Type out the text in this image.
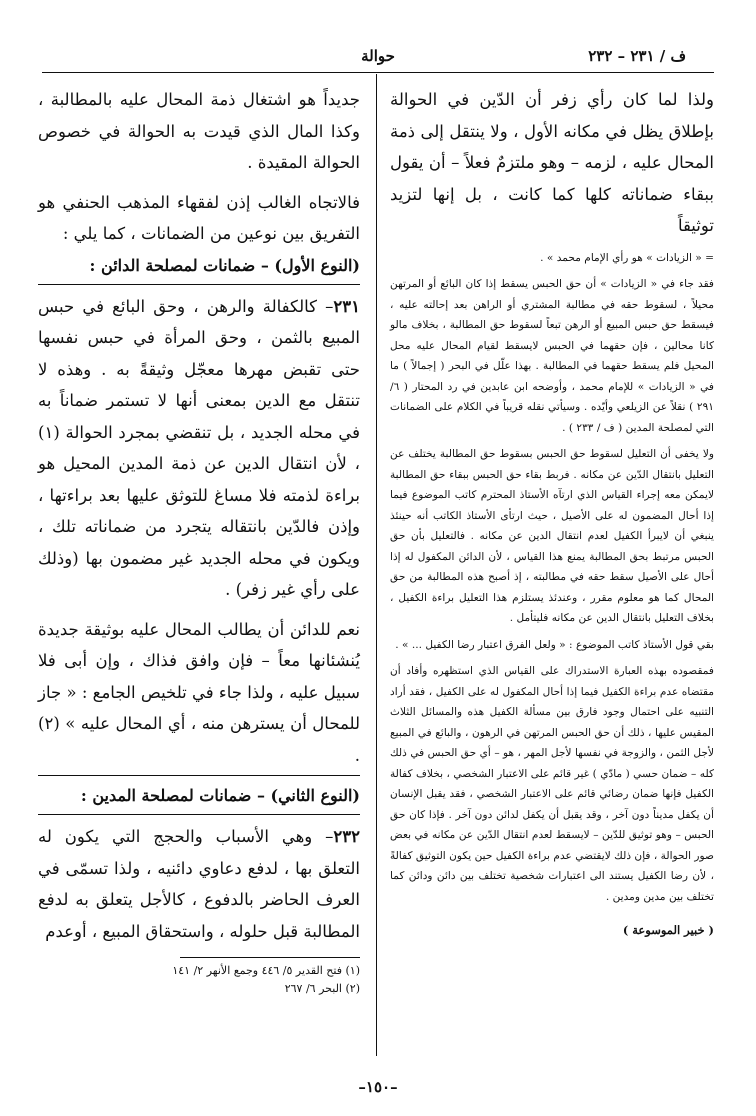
ف / ٢٣١ – ٢٣٢
حوالة

ولذا لما كان رأي زفر أن الدّين في الحوالة بإطلاق يظل في مكانه الأول ، ولا ينتقل إلى ذمة المحال عليه ، لزمه – وهو ملتزمٌ فعلاً – أن يقول ببقاء ضماناته كلها كما كانت ، بل إنها لتزيد توثيقاً

= « الزيادات » هو رأي الإمام محمد » .

فقد جاء في « الزيادات » أن حق الحبس يسقط إذا كان البائع أو المرتهن محيلاً ، لسقوط حقه في مطالبة المشتري أو الراهن بعد إحالته عليه ، فيسقط حق حبس المبيع أو الرهن تبعاً لسقوط حق المطالبة ، بخلاف مالو كانا محالين ، فإن حقهما في الحبس لايسقط لقيام المحال عليه محل المحيل فلم يسقط حقهما في المطالبة . بهذا علّل في البحر ( إجمالاً ) ما في « الزيادات » للإمام محمد ، وأوضحه ابن عابدين في رد المحتار ( ٦/ ٢٩١ ) نقلاً عن الزيلعي وأيّده . وسيأتي نقله قريباً في الكلام على الضمانات التي لمصلحة المدين ( ف / ٢٣٣ ) .

ولا يخفى أن التعليل لسقوط حق الحبس بسقوط حق المطالبة يختلف عن التعليل بانتقال الدّين عن مكانه . فربط بقاء حق الحبس ببقاء حق المطالبة لايمكن معه إجراء القياس الذي ارتآه الأستاذ المحترم كاتب الموضوع فيما إذا أحال المضمون له على الأصيل ، حيث ارتأى الأستاذ الكاتب أنه حينئذ ينبغي أن لايبرأ الكفيل لعدم انتقال الدين عن مكانه . فالتعليل بأن حق الحبس مرتبط بحق المطالبة يمنع هذا القياس ، لأن الدائن المكفول له إذا أحال على الأصيل سقط حقه في مطالبته ، إذ أصبح هذه المطالبة من حق المحال كما هو معلوم مقرر ، وعندئذ يستلزم هذا التعليل براءة الكفيل ، بخلاف التعليل بانتقال الدين عن مكانه فليتأمل .

بقي قول الأستاذ كاتب الموضوع : « ولعل الفرق اعتبار رضا الكفيل ... » .

فمقصوده بهذه العبارة الاستدراك على القياس الذي استظهره وأفاد أن مقتضاه عدم براءة الكفيل فيما إذا أحال المكفول له على الكفيل ، فقد أراد التنبيه على احتمال وجود فارق بين مسألة الكفيل هذه والمسائل الثلاث المقيس عليها ، ذلك أن حق الحبس المرتهن في الرهون ، والبائع في المبيع لأجل الثمن ، والزوجة في نفسها لأجل المهر ، هو – أي حق الحبس في ذلك كله – ضمان حسي ( مادّي ) غير قائم على الاعتبار الشخصي ، بخلاف كفالة الكفيل فإنها ضمان رضائي قائم على الاعتبار الشخصي ، فقد يقبل الإنسان أن يكفل مديناً دون آخر ، وقد يقبل أن يكفل لدائن دون آخر . فإذا كان حق الحبس – وهو توثيق للدّين – لايسقط لعدم انتقال الدّين عن مكانه في بعض صور الحوالة ، فإن ذلك لايقتضي عدم براءة الكفيل حين يكون التوثيق كفالةً ، لأن رضا الكفيل يستند الى اعتبارات شخصية تختلف بين دائن ودائن كما تختلف بين مدين ومدين .

( خبير الموسوعة )

جديداً هو اشتغال ذمة المحال عليه بالمطالبة ، وكذا المال الذي قيدت به الحوالة في خصوص الحوالة المقيدة .

فالاتجاه الغالب إذن لفقهاء المذهب الحنفي هو التفريق بين نوعين من الضمانات ، كما يلي :

(النوع الأول) – ضمانات لمصلحة الدائن :

٢٣١– كالكفالة والرهن ، وحق البائع في حبس المبيع بالثمن ، وحق المرأة في حبس نفسها حتى تقبض مهرها معجّل وثيقةً به . وهذه لا تنتقل مع الدين بمعنى أنها لا تستمر ضماناً به في محله الجديد ، بل تنقضي بمجرد الحوالة (١) ، لأن انتقال الدين عن ذمة المدين المحيل هو براءة لذمته فلا مساغ للتوثق عليها بعد براءتها ، وإذن فالدّين بانتقاله يتجرد من ضماناته تلك ، ويكون في محله الجديد غير مضمون بها (وذلك على رأي غير زفر) .

نعم للدائن أن يطالب المحال عليه بوثيقة جديدة يُنشئانها معاً – فإن وافق فذاك ، وإن أبى فلا سبيل عليه ، ولذا جاء في تلخيص الجامع : « جاز للمحال أن يسترهن منه ، أي المحال عليه » (٢) .

(النوع الثاني) – ضمانات لمصلحة المدين :

٢٣٢– وهي الأسباب والحجج التي يكون له التعلق بها ، لدفع دعاوي دائنيه ، ولذا تسمّى في العرف الحاضر بالدفوع ، كالأجل يتعلق به لدفع المطالبة قبل حلوله ، واستحقاق المبيع ، أوعدم

(١) فتح القدير ٥/ ٤٤٦ وجمع الأنهر ٢/ ١٤١

(٢) البحر ٦/ ٢٦٧

–١٥٠–
